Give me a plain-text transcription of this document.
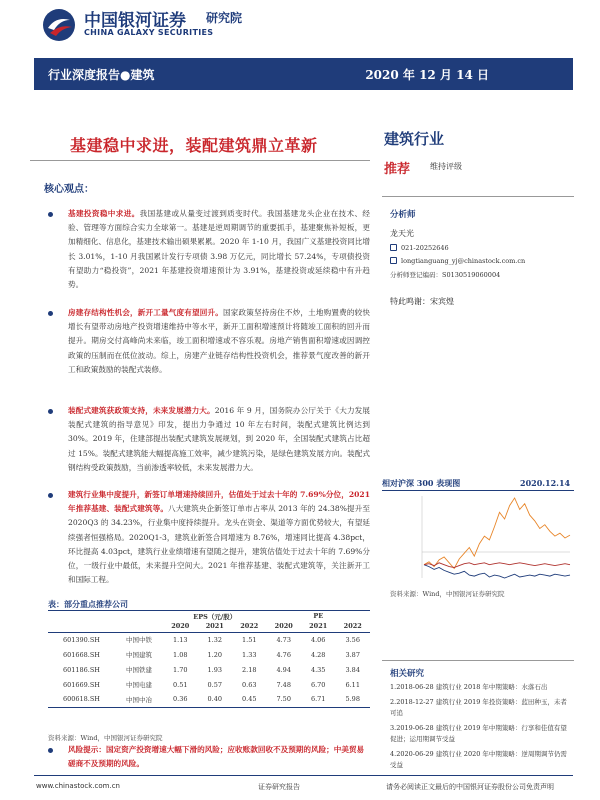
中国银河证券 研究院
CHINA GALAXY SECURITIES
行业深度报告●建筑	2020 年 12 月 14 日
基建稳中求进，装配建筑鼎立革新	建筑行业
推荐 维持评级
分析师
龙天光
021-20252646
longtianguang_yj@chinastock.com.cn
分析师登记编码：S0130519060004
特此鸣谢：宋宾煌
核心观点：
基建投资稳中求进。我国基建或从量变过渡到质变时代。我国基建龙头企业在技术、经验、管理等方面综合实力全球第一。基建是逆周期调节的重要抓手，基建聚焦补短板，更加精细化、信息化，基建技术输出硕果累累。2020 年 1-10 月，我国广义基建投资同比增长 3.01%，1-10 月我国累计发行专项债 3.98 万亿元，同比增长 57.24%，专项债投资有望助力“稳投资”，2021 年基建投资增速预计为 3.91%，基建投资或延续稳中有升趋势。
房建存结构性机会，新开工量气度有望回升。国家政策坚持房住不炒，土地购置费的较快增长有望带动房地产投资增速维持中等水平，新开工面积增速预计将随竣工面积的回升而提升。期房交付高峰尚未来临，竣工面积增速或不容乐观。房地产销售面积增速或因调控政策的压制而在低位波动。综上，房建产业链存结构性投资机会，推荐景气度改善的新开工和政策鼓励的装配式装修。
装配式建筑获政策支持，未来发展潜力大。2016 年 9 月，国务院办公厅关于《大力发展装配式建筑的指导意见》印发，提出力争通过 10 年左右时间，装配式建筑比例达到 30%。2019 年，住建部提出装配式建筑发展规划，到 2020 年，全国装配式建筑占比超过 15%。装配式建筑能大幅提高施工效率，减少建筑污染，是绿色建筑发展方向。装配式钢结构受政策鼓励，当前渗透率较低，未来发展潜力大。
建筑行业集中度提升，新签订单增速持续回升，估值处于过去十年的 7.69%分位，2021 年推荐基建、装配式建筑等。八大建筑央企新签订单市占率从 2013 年的 24.38%提升至 2020Q3 的 34.23%，行业集中度持续提升。龙头在资金、渠道等方面优势较大，有望延续强者恒强格局。2020Q1-3，建筑业新签合同增速为 8.76%，增速同比提高 4.38pct，环比提高 4.03pct，建筑行业业绩增速有望随之提升，建筑估值处于过去十年的 7.69%分位，一级行业中最低，未来提升空间大。2021 年推荐基建、装配式建筑等，关注新开工和国际工程。
相对沪深 300 表现图	2020.12.14
资料来源：Wind，中国银河证券研究院
相关研究
1.2018-06-28 建筑行业 2018 年中期策略：水落石出
2.2018-12-27 建筑行业 2019 年投资策略：蓝田种玉，未者可追
3.2019-06-28 建筑行业 2019 年中期策略：行享和佳值有望促进；运用期调节受益
4.2020-06-29 建筑行业 2020 年中期策略：逆周期调节仍需受益
表：部分重点推荐公司
		EPS（元/股）			PE		
		2020	2021	2022	2020	2021	2022
601390.SH	中国中铁	1.13	1.32	1.51	4.73	4.06	3.56
601668.SH	中国建筑	1.08	1.20	1.33	4.76	4.28	3.87
601186.SH	中国铁建	1.70	1.93	2.18	4.94	4.35	3.84
601669.SH	中国电建	0.51	0.57	0.63	7.48	6.70	6.11
600618.SH	中国中冶	0.36	0.40	0.45	7.50	6.71	5.98
资料来源：Wind，中国银河证券研究院
风险提示：国定资产投资增速大幅下滑的风险；应收账款回收不及预期的风险；中美贸易磋商不及预期的风险。
www.chinastock.com.cn	证券研究报告	请务必阅读正文最后的中国银河证券股份公司免责声明
